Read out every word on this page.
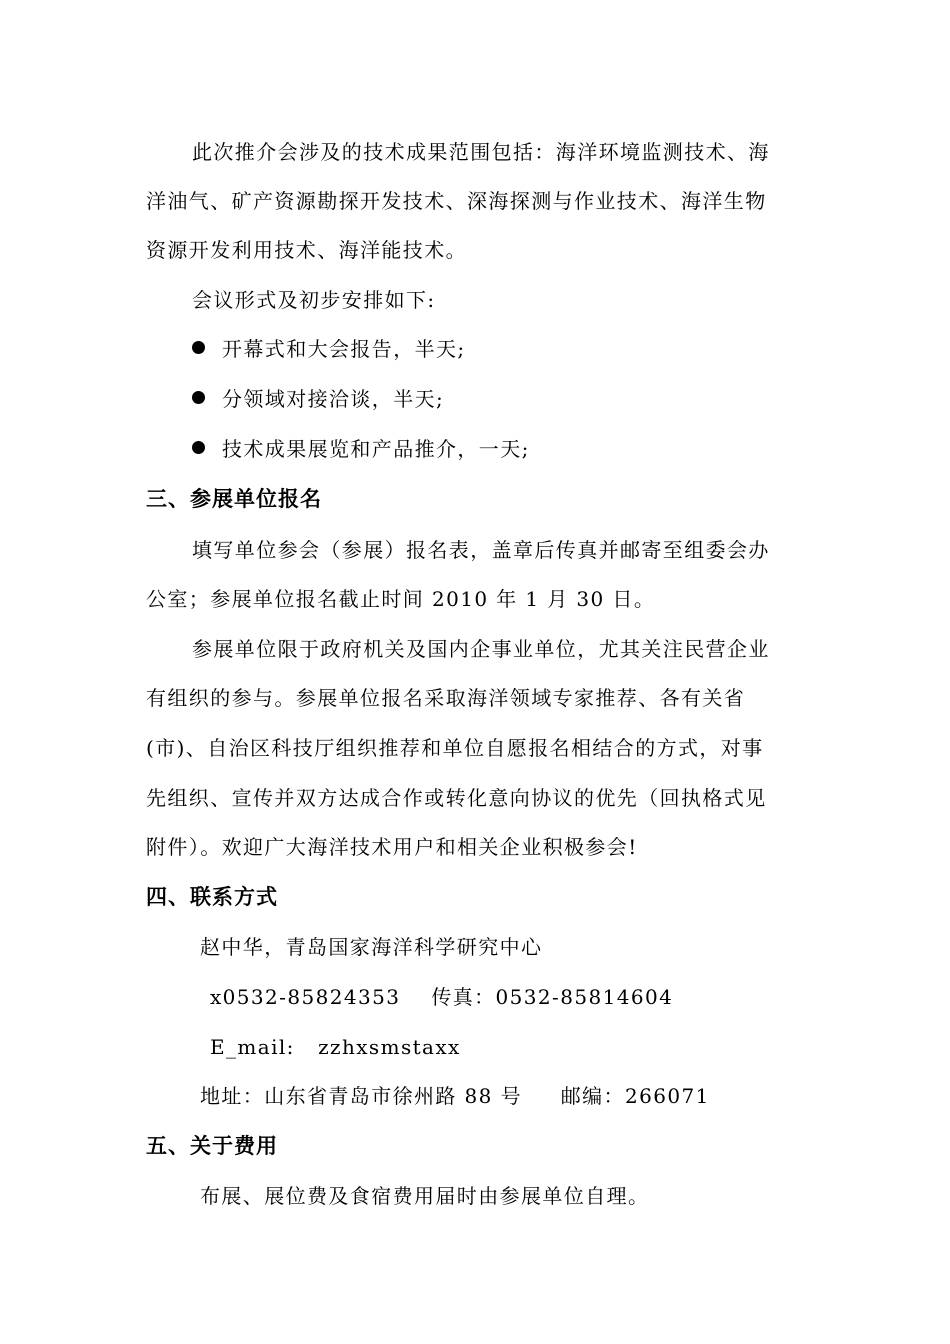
此次推介会涉及的技术成果范围包括：海洋环境监测技术、海
洋油气、矿产资源勘探开发技术、深海探测与作业技术、海洋生物
资源开发利用技术、海洋能技术。
会议形式及初步安排如下:
开幕式和大会报告，半天;
分领域对接洽谈，半天;
技术成果展览和产品推介，一天;
三、参展单位报名
填写单位参会（参展）报名表，盖章后传真并邮寄至组委会办
公室；参展单位报名截止时间 2010 年 1 月 30 日。
参展单位限于政府机关及国内企事业单位，尤其关注民营企业
有组织的参与。参展单位报名采取海洋领域专家推荐、各有关省
(市)、自治区科技厅组织推荐和单位自愿报名相结合的方式，对事
先组织、宣传并双方达成合作或转化意向协议的优先（回执格式见
附件）。欢迎广大海洋技术用户和相关企业积极参会!
四、联系方式
赵中华，青岛国家海洋科学研究中心
x0532-85824353    传真：0532-85814604
E_mail:   zzhxsmstaxx
地址：山东省青岛市徐州路 88 号     邮编：266071
五、关于费用
布展、展位费及食宿费用届时由参展单位自理。
